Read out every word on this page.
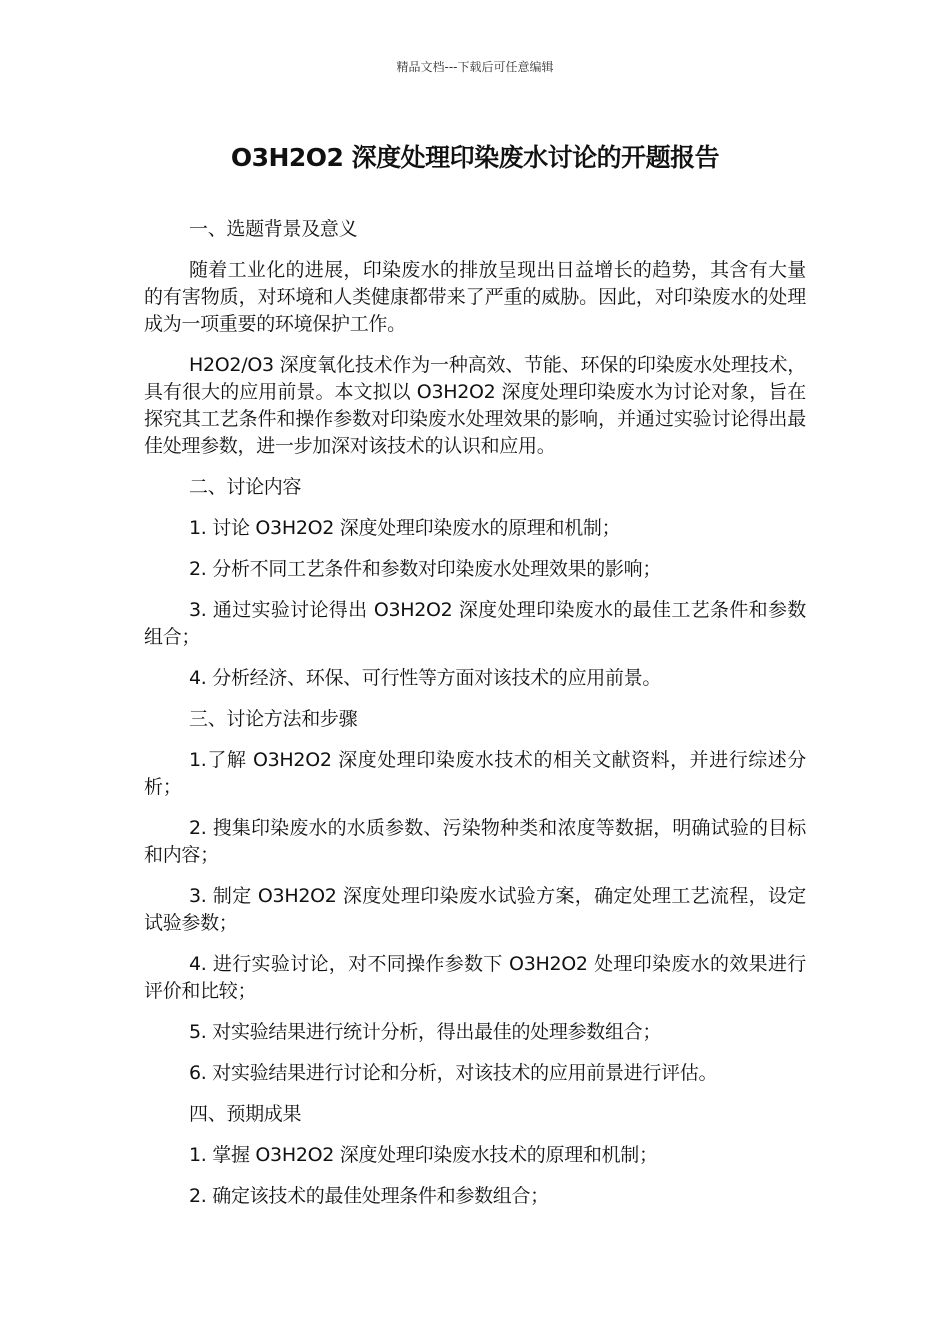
精品文档---下载后可任意编辑
O3H2O2 深度处理印染废水讨论的开题报告

一、选题背景及意义

随着工业化的进展，印染废水的排放呈现出日益增长的趋势，其含有大量的有害物质，对环境和人类健康都带来了严重的威胁。因此，对印染废水的处理成为一项重要的环境保护工作。

H2O2/O3 深度氧化技术作为一种高效、节能、环保的印染废水处理技术，具有很大的应用前景。本文拟以 O3H2O2 深度处理印染废水为讨论对象，旨在探究其工艺条件和操作参数对印染废水处理效果的影响，并通过实验讨论得出最佳处理参数，进一步加深对该技术的认识和应用。

二、讨论内容

1. 讨论 O3H2O2 深度处理印染废水的原理和机制；

2. 分析不同工艺条件和参数对印染废水处理效果的影响；

3. 通过实验讨论得出 O3H2O2 深度处理印染废水的最佳工艺条件和参数组合；

4. 分析经济、环保、可行性等方面对该技术的应用前景。

三、讨论方法和步骤

1.了解 O3H2O2 深度处理印染废水技术的相关文献资料，并进行综述分析；

2. 搜集印染废水的水质参数、污染物种类和浓度等数据，明确试验的目标和内容；

3. 制定 O3H2O2 深度处理印染废水试验方案，确定处理工艺流程，设定试验参数；

4. 进行实验讨论，对不同操作参数下 O3H2O2 处理印染废水的效果进行评价和比较；

5. 对实验结果进行统计分析，得出最佳的处理参数组合；

6. 对实验结果进行讨论和分析，对该技术的应用前景进行评估。

四、预期成果

1. 掌握 O3H2O2 深度处理印染废水技术的原理和机制；

2. 确定该技术的最佳处理条件和参数组合；
